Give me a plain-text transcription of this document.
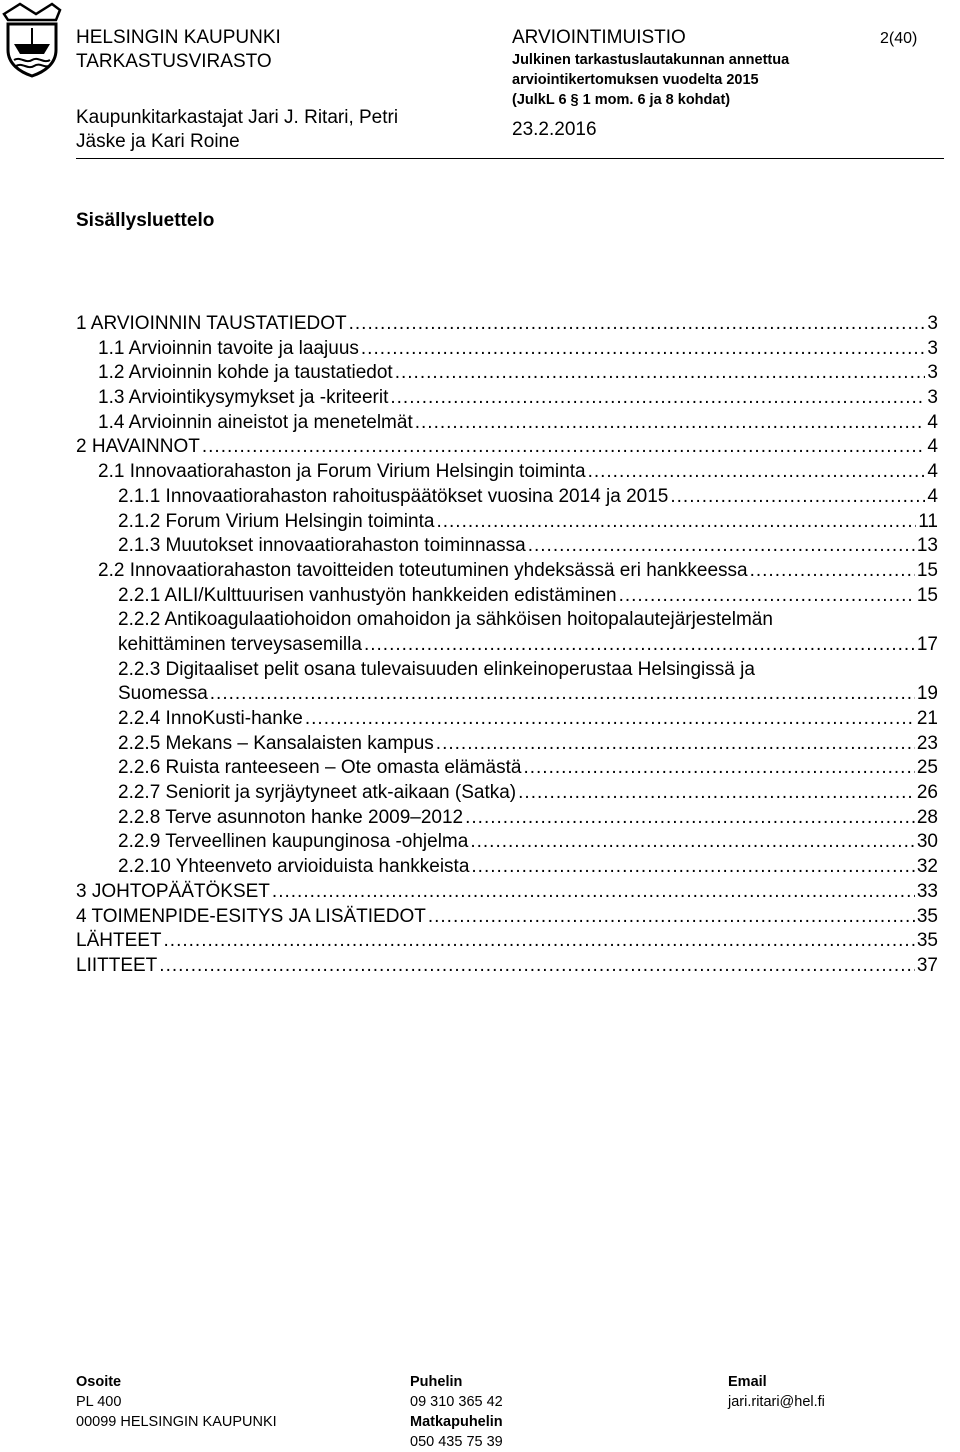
HELSINGIN KAUPUNKI
TARKASTUSVIRASTO
Kaupunkitarkastajat Jari J. Ritari, Petri
Jäske ja Kari Roine
ARVIOINTIMUISTIO
Julkinen tarkastuslautakunnan annettua
arviointikertomuksen vuodelta 2015
(JulkL 6 § 1 mom. 6 ja 8 kohdat)
23.2.2016
2(40)
Sisällysluettelo
1 ARVIOINNIN TAUSTATIEDOT .....	3
1.1 Arvioinnin tavoite ja laajuus .....	3
1.2 Arvioinnin kohde ja taustatiedot .....	3
1.3 Arviointikysymykset ja -kriteerit .....	3
1.4 Arvioinnin aineistot ja menetelmät .....	4
2 HAVAINNOT .....	4
2.1 Innovaatiorahaston ja Forum Virium Helsingin toiminta .....	4
2.1.1 Innovaatiorahaston rahoituspäätökset vuosina 2014 ja 2015 .....	4
2.1.2 Forum Virium Helsingin toiminta .....	11
2.1.3 Muutokset innovaatiorahaston toiminnassa .....	13
2.2 Innovaatiorahaston tavoitteiden toteutuminen yhdeksässä eri hankkeessa .....	15
2.2.1 AILI/Kulttuurisen vanhustyön hankkeiden edistäminen .....	15
2.2.2 Antikoagulaatiohoidon omahoidon ja sähköisen hoitopalautejärjestelmän
kehittäminen terveysasemilla .....	17
2.2.3 Digitaaliset pelit osana tulevaisuuden elinkeinoperustaa Helsingissä ja
Suomessa .....	19
2.2.4 InnoKusti-hanke .....	21
2.2.5 Mekans – Kansalaisten kampus .....	23
2.2.6 Ruista ranteeseen – Ote omasta elämästä .....	25
2.2.7 Seniorit ja syrjäytyneet atk-aikaan (Satka) .....	26
2.2.8 Terve asunnoton hanke 2009–2012 .....	28
2.2.9 Terveellinen kaupunginosa -ohjelma .....	30
2.2.10 Yhteenveto arvioiduista hankkeista .....	32
3 JOHTOPÄÄTÖKSET .....	33
4 TOIMENPIDE-ESITYS JA LISÄTIEDOT .....	35
LÄHTEET .....	35
LIITTEET .....	37
Osoite
PL 400
00099 HELSINGIN KAUPUNKI
Puhelin
09 310 365 42
Matkapuhelin
050 435 75 39
Email
jari.ritari@hel.fi
